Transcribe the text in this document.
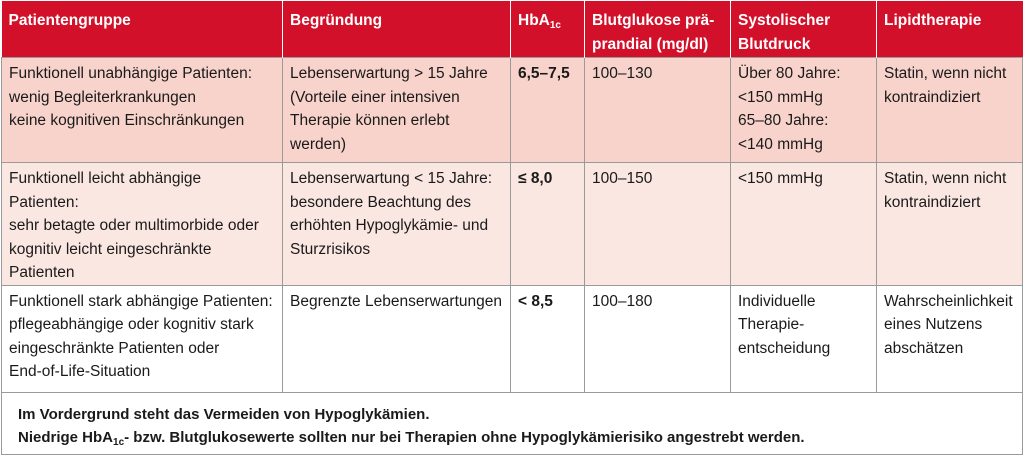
Patientengruppe	Begründung	HbA$_{1c}$	Blutglukose prä-
prandial (mg/dl)	Systolischer
Blutdruck	Lipidtherapie

Funktionell unabhängige Patienten:
wenig Begleiterkrankungen
keine kognitiven Einschränkungen	Lebenserwartung > 15 Jahre
(Vorteile einer intensiven
Therapie können erlebt
werden)	6,5–7,5	100–130	Über 80 Jahre:
<150 mmHg
65–80 Jahre:
<140 mmHg	Statin, wenn nicht
kontraindiziert

Funktionell leicht abhängige Patienten:
sehr betagte oder multimorbide oder
kognitiv leicht eingeschränkte
Patienten	Lebenserwartung < 15 Jahre:
besondere Beachtung des
erhöhten Hypoglykämie- und
Sturzrisikos	≤ 8,0	100–150	<150 mmHg	Statin, wenn nicht
kontraindiziert

Funktionell stark abhängige Patienten:
pflegeabhängige oder kognitiv stark
eingeschränkte Patienten oder
End-of-Life-Situation	Begrenzte Lebenserwartungen	< 8,5	100–180	Individuelle
Therapie-
entscheidung	Wahrscheinlichkeit
eines Nutzens
abschätzen

Im Vordergrund steht das Vermeiden von Hypoglykämien.
Niedrige HbA$_{1c}$- bzw. Blutglukosewerte sollten nur bei Therapien ohne Hypoglykämierisiko angestrebt werden.					
